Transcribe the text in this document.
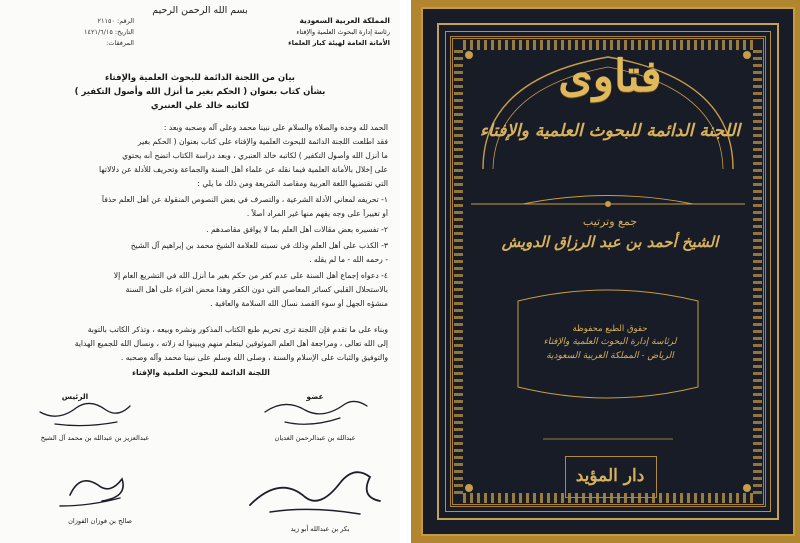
بسم الله الرحمن الرحيم
المملكة العربية السعودية
رئاسة إدارة البحوث العلمية والإفتاء
الأمانة العامة لهيئة كبار العلماء
الرقم: ٢١١٥٠
التاريخ: ١٤٢١/٦/١٥
المرفقات:
بيان من اللجنة الدائمة للبحوث العلمية والإفتاء
بشأن كتاب بعنوان ( الحكم بغير ما أنزل الله وأصول التكفير )
لكاتبه خالد علي العنبري
الحمد لله وحده والصلاة والسلام على نبينا محمد وعلى آله وصحبه وبعد :
فقد اطلعت اللجنة الدائمة للبحوث العلمية والإفتاء على كتاب بعنوان ( الحكم بغير
ما أنزل الله وأصول التكفير ) لكاتبه خالد العنبري ، وبعد دراسة الكتاب اتضح أنه يحتوي
على إخلال بالأمانة العلمية فيما نقله عن علماء أهل السنة والجماعة وتحريف للأدلة عن دلالاتها
التي تقتضيها اللغة العربية ومقاصد الشريعة ومن ذلك ما يلي :
١- تحريفه لمعاني الأدلة الشرعية ، والتصرف في بعض النصوص المنقولة عن أهل العلم حذفاً
أو تغييراً على وجه يفهم منها غير المراد أصلاً .
٢- تفسيره بعض مقالات أهل العلم بما لا يوافق مقاصدهم .
٣- الكذب على أهل العلم وذلك في نسبته للعلامة الشيخ محمد بن إبراهيم آل الشيخ
- رحمه الله - ما لم يقله .
٤- دعواه إجماع أهل السنة على عدم كفر من حكم بغير ما أنزل الله في التشريع العام إلا
بالاستحلال القلبي كسائر المعاصي التي دون الكفر وهذا محض افتراء على أهل السنة
منشؤه الجهل أو سوء القصد نسأل الله السلامة والعافية .
وبناء على ما تقدم فإن اللجنة ترى تحريم طبع الكتاب المذكور ونشره وبيعه ، وتذكر الكاتب بالتوبة
إلى الله تعالى ، ومراجعة أهل العلم الموثوقين ليتعلم منهم ويبينوا له زلاته ، ونسأل الله للجميع الهداية
والتوفيق والثبات على الإسلام والسنة ، وصلى الله وسلم على نبينا محمد وآله وصحبه .
اللجنة الدائمة للبحوث العلمية والإفتاء
عضو
الرئيس
عبدالله بن عبدالرحمن الغديان
عبدالعزيز بن عبدالله بن محمد آل الشيخ
بكر بن عبدالله أبو زيد
صالح بن فوزان الفوزان
فتاوى
اللجنة الدائمة للبحوث العلمية والإفتاء
جمع وترتيب
الشيخ أحمد بن عبد الرزاق الدويش
حقوق الطبع محفوظة
لرئاسة إدارة البحوث العلمية والإفتاء
الرياض - المملكة العربية السعودية
دار المؤيد
